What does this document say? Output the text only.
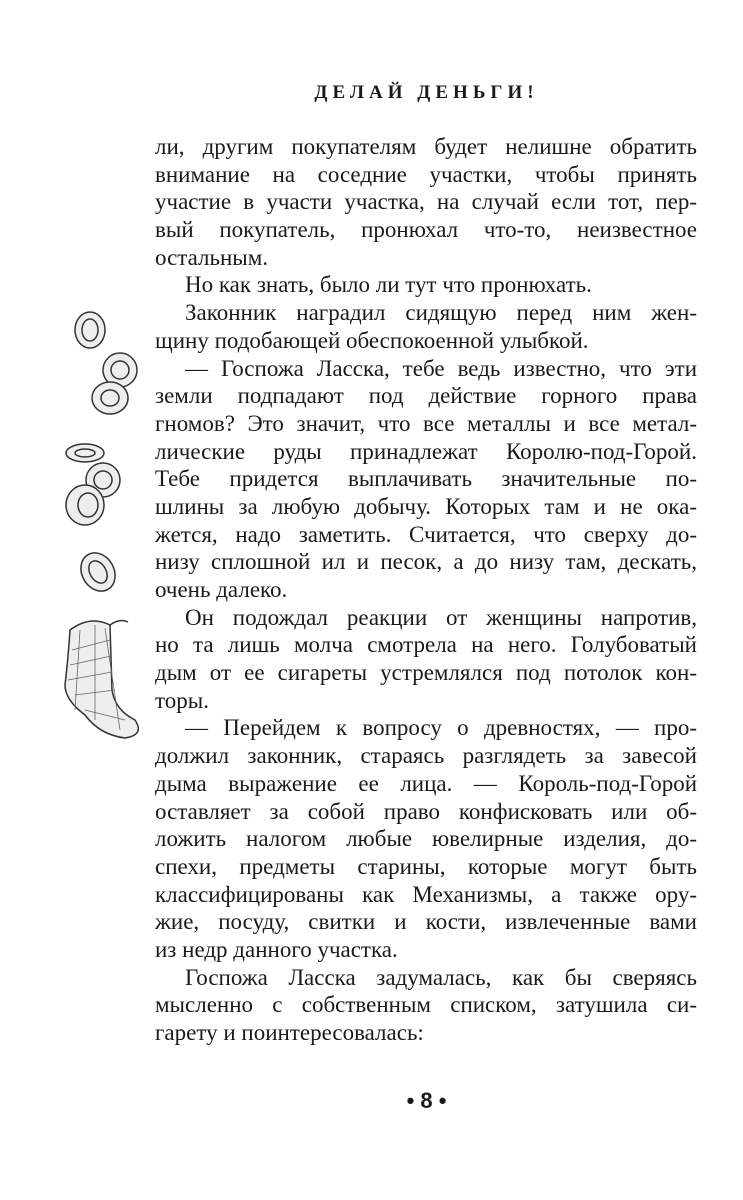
ДЕЛАЙ ДЕНЬГИ!
ли, другим покупателям будет нелишне обратить
внимание на соседние участки, чтобы принять
участие в участи участка, на случай если тот, пер-
вый покупатель, пронюхал что-то, неизвестное
остальным.
Но как знать, было ли тут что пронюхать.
Законник наградил сидящую перед ним жен-
щину подобающей обеспокоенной улыбкой.
— Госпожа Ласска, тебе ведь известно, что эти
земли подпадают под действие горного права
гномов? Это значит, что все металлы и все метал-
лические руды принадлежат Королю-под-Горой.
Тебе придется выплачивать значительные по-
шлины за любую добычу. Которых там и не ока-
жется, надо заметить. Считается, что сверху до-
низу сплошной ил и песок, а до низу там, дескать,
очень далеко.
Он подождал реакции от женщины напротив,
но та лишь молча смотрела на него. Голубоватый
дым от ее сигареты устремлялся под потолок кон-
торы.
— Перейдем к вопросу о древностях, — про-
должил законник, стараясь разглядеть за завесой
дыма выражение ее лица. — Король-под-Горой
оставляет за собой право конфисковать или об-
ложить налогом любые ювелирные изделия, до-
спехи, предметы старины, которые могут быть
классифицированы как Механизмы, а также ору-
жие, посуду, свитки и кости, извлеченные вами
из недр данного участка.
Госпожа Ласска задумалась, как бы сверяясь
мысленно с собственным списком, затушила си-
гарету и поинтересовалась:
• 8 •
